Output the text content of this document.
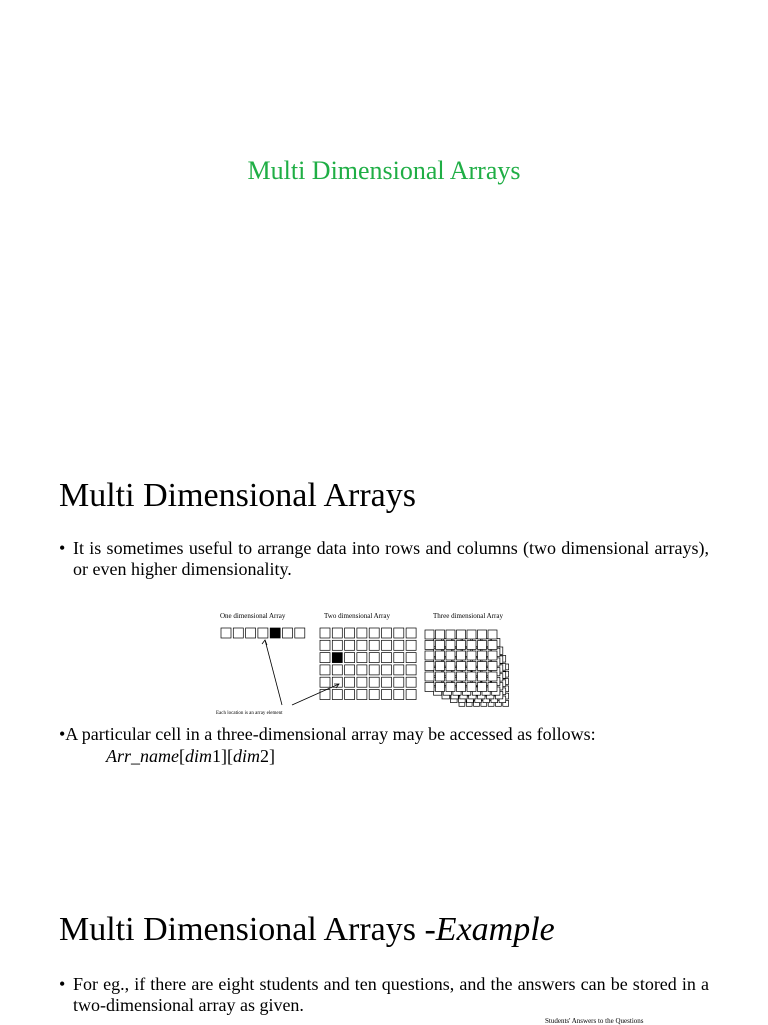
Multi Dimensional Arrays
Multi Dimensional Arrays
• It is sometimes useful to arrange data into rows and columns (two dimensional arrays), or even higher dimensionality.
One dimensional Array	Two dimensional Array	Three dimensional Array
Each location is an array element
•A particular cell in a three-dimensional array may be accessed as follows:
Arr_name[dim1][dim2]
Multi Dimensional Arrays -Example
• For eg., if there are eight students and ten questions, and the answers can be stored in a two-dimensional array as given.
Students' Answers to the Questions
